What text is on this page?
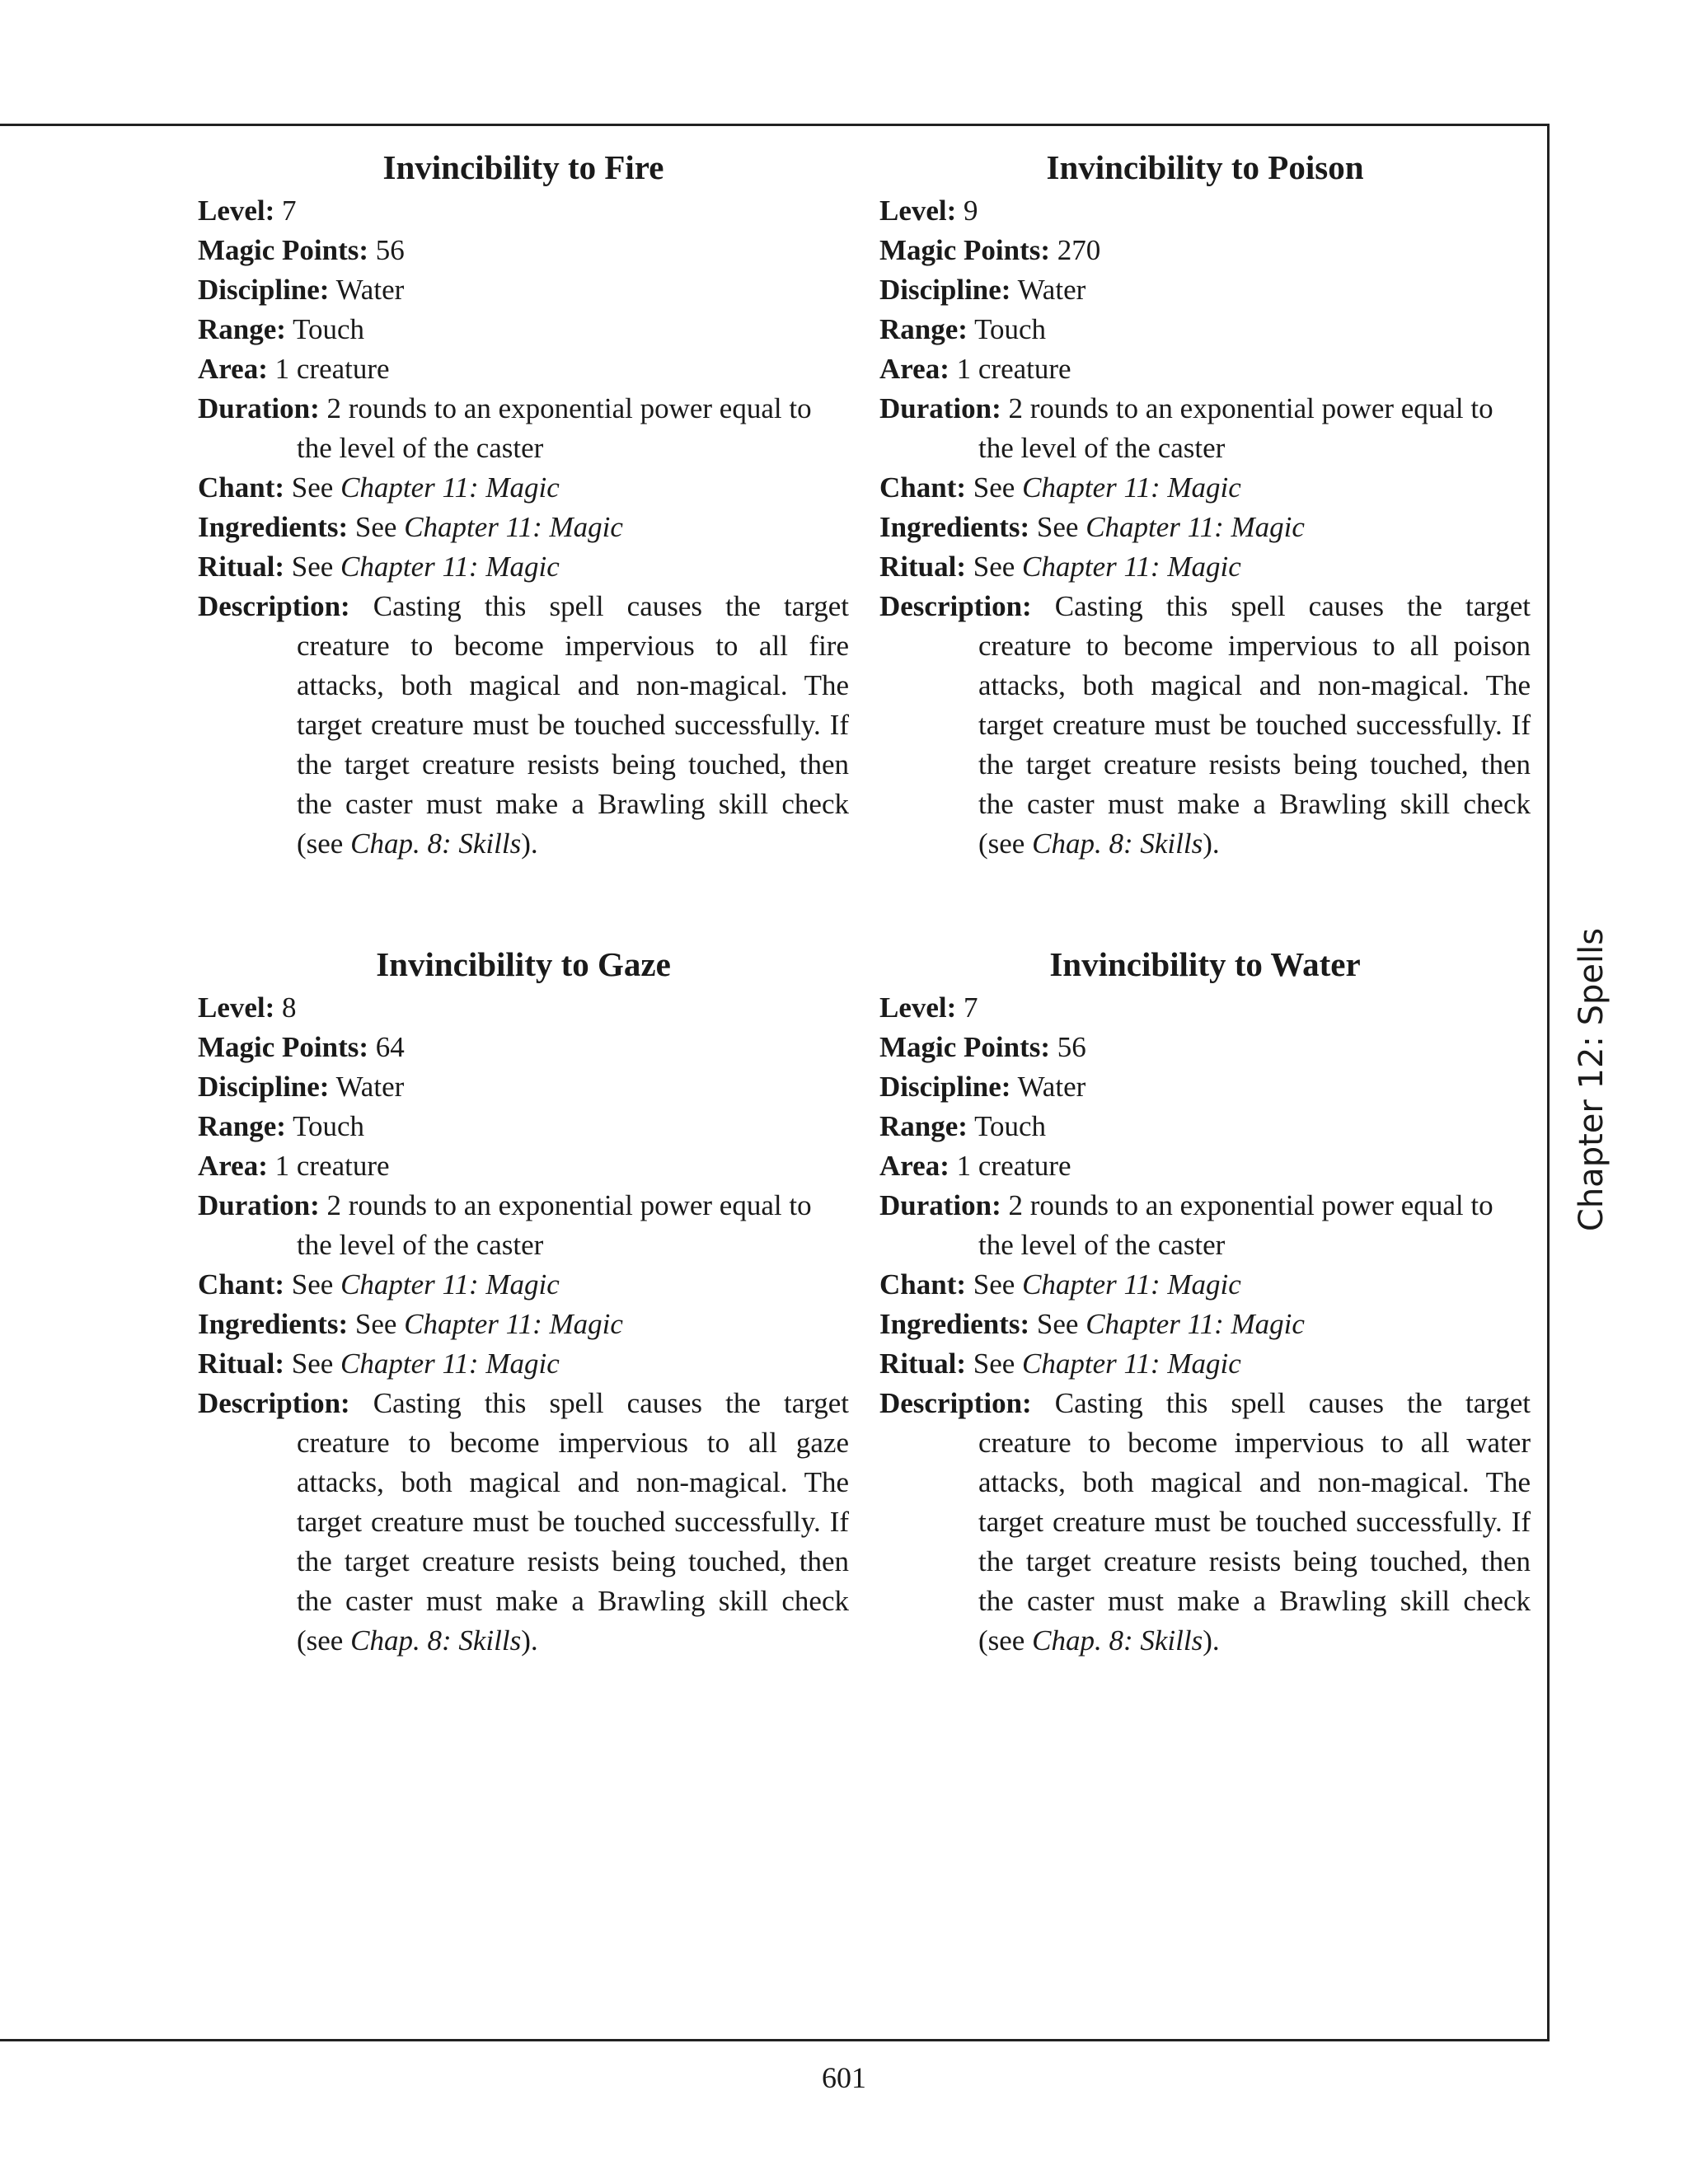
Invincibility to Fire
Level: 7
Magic Points: 56
Discipline: Water
Range: Touch
Area: 1 creature
Duration: 2 rounds to an exponential power equal to the level of the caster
Chant: See Chapter 11: Magic
Ingredients: See Chapter 11: Magic
Ritual: See Chapter 11: Magic
Description: Casting this spell causes the target creature to become impervious to all fire attacks, both magical and non-magical. The target creature must be touched successfully. If the target creature resists being touched, then the caster must make a Brawling skill check (see Chap. 8: Skills).
Invincibility to Poison
Level: 9
Magic Points: 270
Discipline: Water
Range: Touch
Area: 1 creature
Duration: 2 rounds to an exponential power equal to the level of the caster
Chant: See Chapter 11: Magic
Ingredients: See Chapter 11: Magic
Ritual: See Chapter 11: Magic
Description: Casting this spell causes the target creature to become impervious to all poison attacks, both magical and non-magical. The target creature must be touched successfully. If the target creature resists being touched, then the caster must make a Brawling skill check (see Chap. 8: Skills).
Invincibility to Gaze
Level: 8
Magic Points: 64
Discipline: Water
Range: Touch
Area: 1 creature
Duration: 2 rounds to an exponential power equal to the level of the caster
Chant: See Chapter 11: Magic
Ingredients: See Chapter 11: Magic
Ritual: See Chapter 11: Magic
Description: Casting this spell causes the target creature to become impervious to all gaze attacks, both magical and non-magical. The target creature must be touched successfully. If the target creature resists being touched, then the caster must make a Brawling skill check (see Chap. 8: Skills).
Invincibility to Water
Level: 7
Magic Points: 56
Discipline: Water
Range: Touch
Area: 1 creature
Duration: 2 rounds to an exponential power equal to the level of the caster
Chant: See Chapter 11: Magic
Ingredients: See Chapter 11: Magic
Ritual: See Chapter 11: Magic
Description: Casting this spell causes the target creature to become impervious to all water attacks, both magical and non-magical. The target creature must be touched successfully. If the target creature resists being touched, then the caster must make a Brawling skill check (see Chap. 8: Skills).
Chapter 12: Spells
601
